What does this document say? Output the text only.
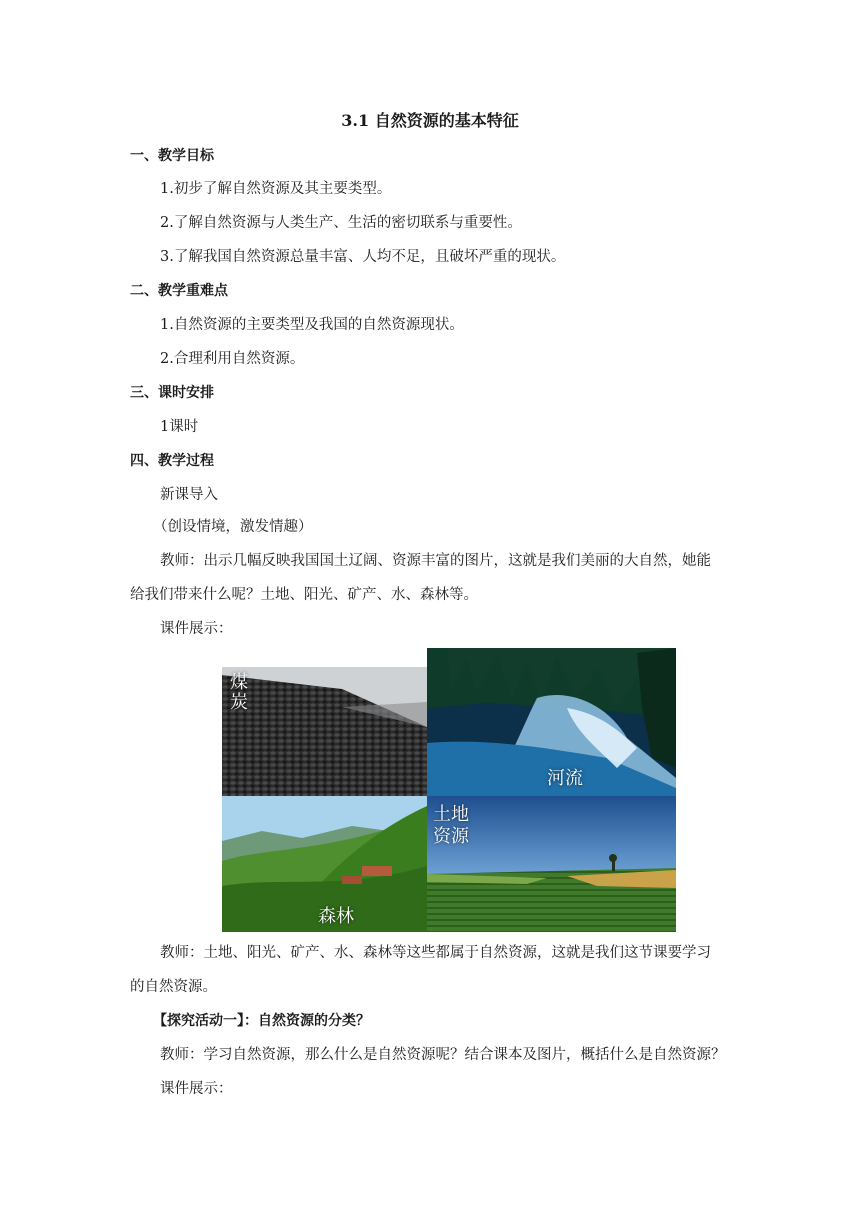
3.1 自然资源的基本特征
一、教学目标
1.初步了解自然资源及其主要类型。
2.了解自然资源与人类生产、生活的密切联系与重要性。
3.了解我国自然资源总量丰富、人均不足，且破坏严重的现状。
二、教学重难点
1.自然资源的主要类型及我国的自然资源现状。
2.合理利用自然资源。
三、课时安排
1课时
四、教学过程
新课导入
（创设情境，激发情趣）
教师：出示几幅反映我国国土辽阔、资源丰富的图片，这就是我们美丽的大自然，她能
给我们带来什么呢？土地、阳光、矿产、水、森林等。
课件展示：
煤炭
河流
森林
土地资源
教师：土地、阳光、矿产、水、森林等这些都属于自然资源，这就是我们这节课要学习
的自然资源。
【探究活动一】：自然资源的分类？
教师：学习自然资源，那么什么是自然资源呢？结合课本及图片，概括什么是自然资源？
课件展示：
